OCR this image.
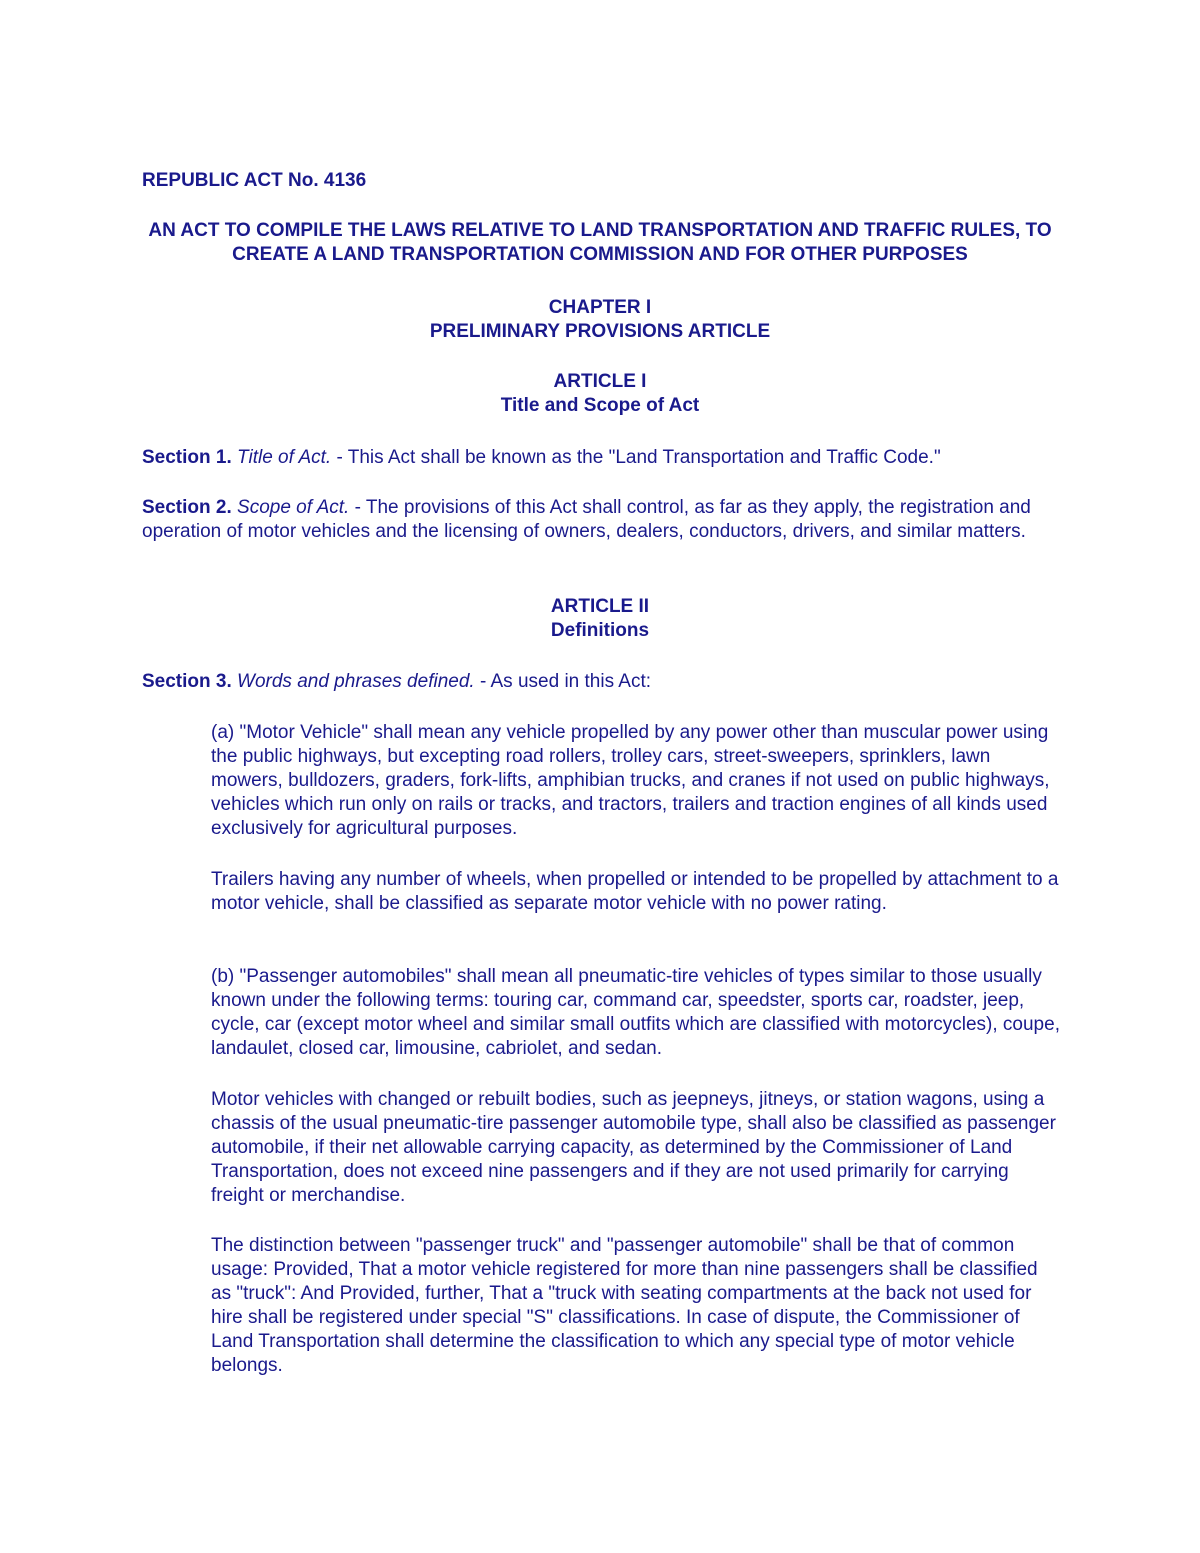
REPUBLIC ACT No. 4136

AN ACT TO COMPILE THE LAWS RELATIVE TO LAND TRANSPORTATION AND TRAFFIC RULES, TO CREATE A LAND TRANSPORTATION COMMISSION AND FOR OTHER PURPOSES

CHAPTER I
PRELIMINARY PROVISIONS ARTICLE
ARTICLE I
Title and Scope of Act

Section 1. Title of Act. - This Act shall be known as the "Land Transportation and Traffic Code."

Section 2. Scope of Act. - The provisions of this Act shall control, as far as they apply, the registration and operation of motor vehicles and the licensing of owners, dealers, conductors, drivers, and similar matters.

ARTICLE II
Definitions

Section 3. Words and phrases defined. - As used in this Act:

(a) "Motor Vehicle" shall mean any vehicle propelled by any power other than muscular power using the public highways, but excepting road rollers, trolley cars, street-sweepers, sprinklers, lawn mowers, bulldozers, graders, fork-lifts, amphibian trucks, and cranes if not used on public highways, vehicles which run only on rails or tracks, and tractors, trailers and traction engines of all kinds used exclusively for agricultural purposes.

Trailers having any number of wheels, when propelled or intended to be propelled by attachment to a motor vehicle, shall be classified as separate motor vehicle with no power rating.

(b) "Passenger automobiles" shall mean all pneumatic-tire vehicles of types similar to those usually known under the following terms: touring car, command car, speedster, sports car, roadster, jeep, cycle, car (except motor wheel and similar small outfits which are classified with motorcycles), coupe, landaulet, closed car, limousine, cabriolet, and sedan.

Motor vehicles with changed or rebuilt bodies, such as jeepneys, jitneys, or station wagons, using a chassis of the usual pneumatic-tire passenger automobile type, shall also be classified as passenger automobile, if their net allowable carrying capacity, as determined by the Commissioner of Land Transportation, does not exceed nine passengers and if they are not used primarily for carrying freight or merchandise.

The distinction between "passenger truck" and "passenger automobile" shall be that of common usage: Provided, That a motor vehicle registered for more than nine passengers shall be classified as "truck": And Provided, further, That a "truck with seating compartments at the back not used for hire shall be registered under special "S" classifications. In case of dispute, the Commissioner of Land Transportation shall determine the classification to which any special type of motor vehicle belongs.
